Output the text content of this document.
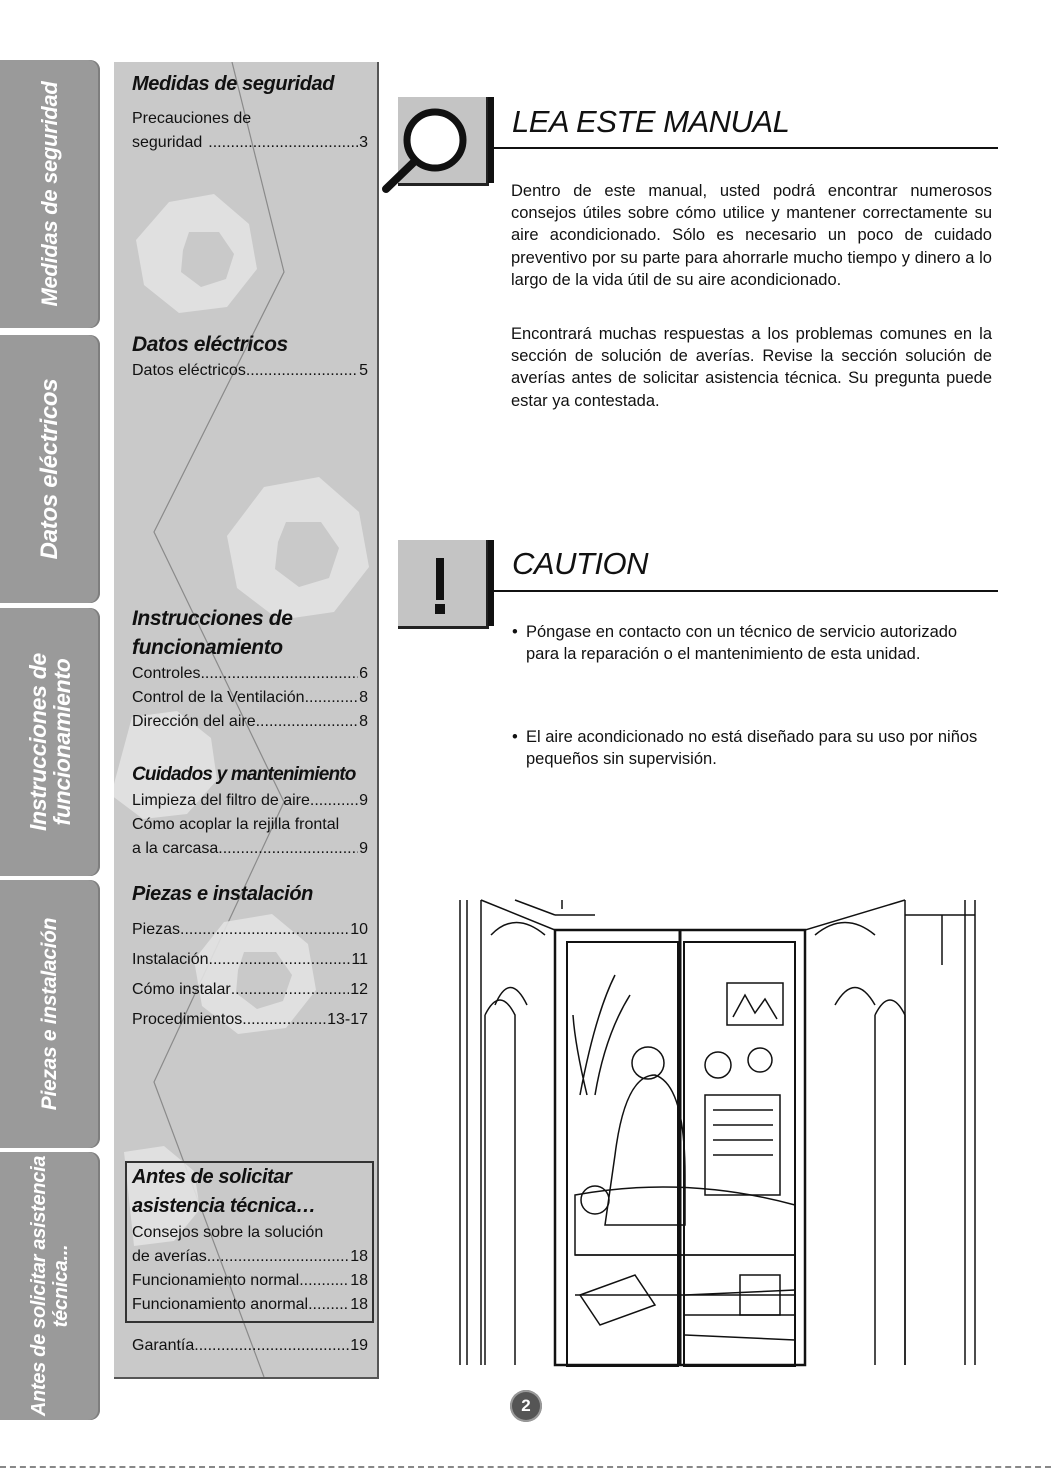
Medidas de seguridad
Datos eléctricos
Instrucciones de
funcionamiento
Piezas e instalación
Antes de solicitar asistencia técnica...
Medidas de seguridad
Precauciones de
seguridad .....	3
Datos eléctricos
Datos eléctricos .....	5
Instrucciones de
funcionamiento
Controles .....	6
Control de la Ventilación .....	8
Dirección del aire .....	8
Cuidados y mantenimiento
Limpieza del filtro de aire .....	9
Cómo acoplar la rejilla frontal
a la carcasa .....	9
Piezas e instalación
Piezas .....	10
Instalación .....	11
Cómo instalar .....	12
Procedimientos .....	13-17
Antes de solicitar
asistencia técnica…
Consejos sobre la solución
de averías .....	18
Funcionamiento normal .....	18
Funcionamiento anormal. ..... 18
Garantía .....	19
LEA ESTE MANUAL
Dentro de este manual, usted podrá encontrar numerosos consejos útiles sobre cómo utilice y mantener correctamente su aire acondicionado. Sólo es necesario un poco de cuidado preventivo por su parte para ahorrarle mucho tiempo y dinero a lo largo de la vida útil de su aire acondicionado.
Encontrará muchas respuestas a los problemas comunes en la sección de solución de averías. Revise la sección solución de averías antes de solicitar asistencia técnica. Su pregunta puede estar ya contestada.
CAUTION
• Póngase en contacto con un técnico de servicio autorizado para la reparación o el mantenimiento de esta unidad.
• El aire acondicionado no está diseñado para su uso por niños pequeños sin supervisión.
2
